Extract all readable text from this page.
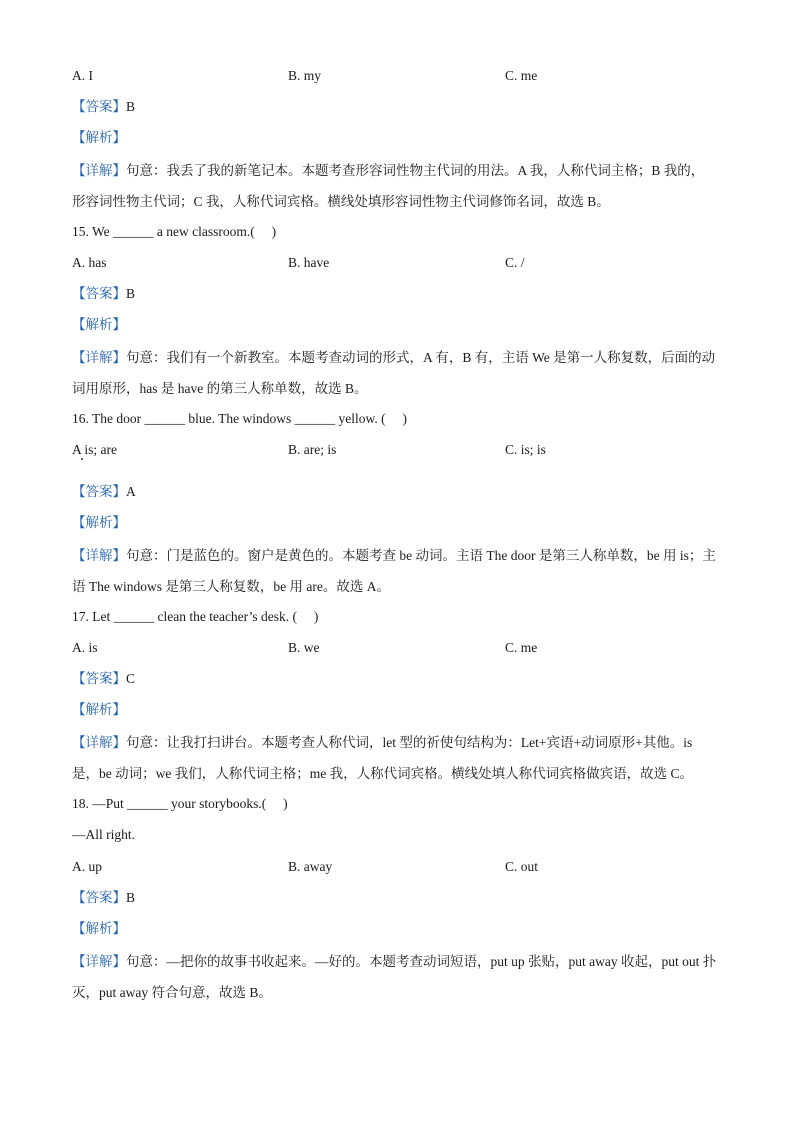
A. I	B. my	C. me
【答案】B
【解析】
【详解】句意：我丢了我的新笔记本。本题考查形容词性物主代词的用法。A 我，人称代词主格；B 我的，形容词性物主代词；C 我，人称代词宾格。横线处填形容词性物主代词修饰名词，故选 B。
15. We ______ a new classroom.(     )
A. has	B. have	C. /
【答案】B
【解析】
【详解】句意：我们有一个新教室。本题考查动词的形式，A 有，B 有，主语 We 是第一人称复数，后面的动词用原形，has 是 have 的第三人称单数，故选 B。
16. The door ______ blue. The windows ______ yellow. (     )
A is; are	B. are; is	C. is; is
【答案】A
【解析】
【详解】句意：门是蓝色的。窗户是黄色的。本题考查 be 动词。主语 The door 是第三人称单数，be 用 is；主语 The windows 是第三人称复数，be 用 are。故选 A。
17. Let ______ clean the teacher’s desk. (     )
A. is	B. we	C. me
【答案】C
【解析】
【详解】句意：让我打扫讲台。本题考查人称代词，let 型的祈使句结构为：Let+宾语+动词原形+其他。is 是，be 动词；we 我们，人称代词主格；me 我，人称代词宾格。横线处填人称代词宾格做宾语，故选 C。
18. —Put ______ your storybooks.(     )
—All right.
A. up	B. away	C. out
【答案】B
【解析】
【详解】句意：—把你的故事书收起来。—好的。本题考查动词短语，put up 张贴，put away 收起，put out 扑灭，put away 符合句意，故选 B。
